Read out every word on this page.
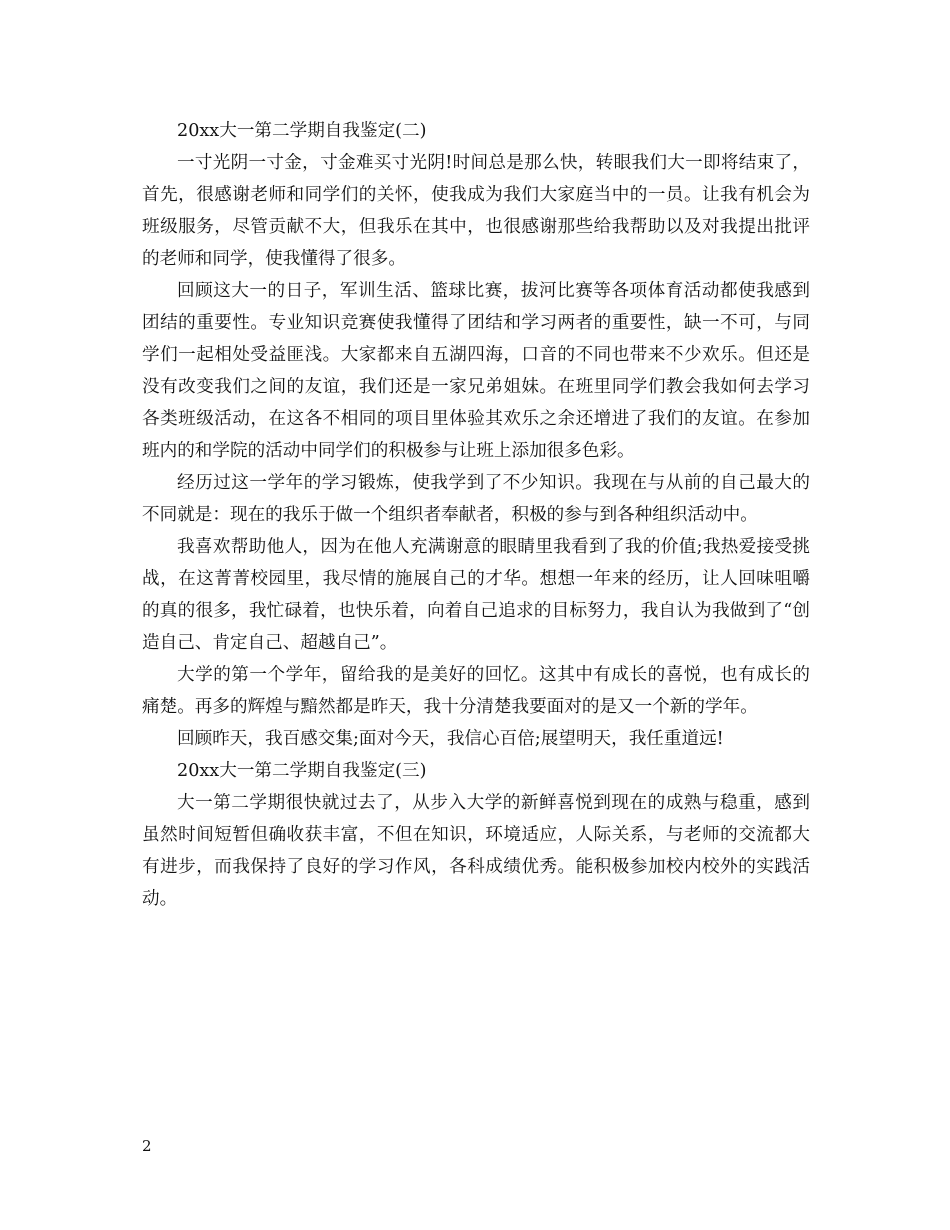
20xx大一第二学期自我鉴定(二)

一寸光阴一寸金，寸金难买寸光阴!时间总是那么快，转眼我们大一即将结束了，首先，很感谢老师和同学们的关怀，使我成为我们大家庭当中的一员。让我有机会为班级服务，尽管贡献不大，但我乐在其中，也很感谢那些给我帮助以及对我提出批评的老师和同学，使我懂得了很多。

回顾这大一的日子，军训生活、篮球比赛，拔河比赛等各项体育活动都使我感到团结的重要性。专业知识竞赛使我懂得了团结和学习两者的重要性，缺一不可，与同学们一起相处受益匪浅。大家都来自五湖四海，口音的不同也带来不少欢乐。但还是没有改变我们之间的友谊，我们还是一家兄弟姐妹。在班里同学们教会我如何去学习各类班级活动，在这各不相同的项目里体验其欢乐之余还增进了我们的友谊。在参加班内的和学院的活动中同学们的积极参与让班上添加很多色彩。

经历过这一学年的学习锻炼，使我学到了不少知识。我现在与从前的自己最大的不同就是：现在的我乐于做一个组织者奉献者，积极的参与到各种组织活动中。

我喜欢帮助他人，因为在他人充满谢意的眼睛里我看到了我的价值;我热爱接受挑战，在这菁菁校园里，我尽情的施展自己的才华。想想一年来的经历，让人回味咀嚼的真的很多，我忙碌着，也快乐着，向着自己追求的目标努力，我自认为我做到了“创造自己、肯定自己、超越自己”。

大学的第一个学年，留给我的是美好的回忆。这其中有成长的喜悦，也有成长的痛楚。再多的辉煌与黯然都是昨天，我十分清楚我要面对的是又一个新的学年。

回顾昨天，我百感交集;面对今天，我信心百倍;展望明天，我任重道远!

20xx大一第二学期自我鉴定(三)

大一第二学期很快就过去了，从步入大学的新鲜喜悦到现在的成熟与稳重，感到虽然时间短暂但确收获丰富，不但在知识，环境适应，人际关系，与老师的交流都大有进步，而我保持了良好的学习作风，各科成绩优秀。能积极参加校内校外的实践活动。

2
